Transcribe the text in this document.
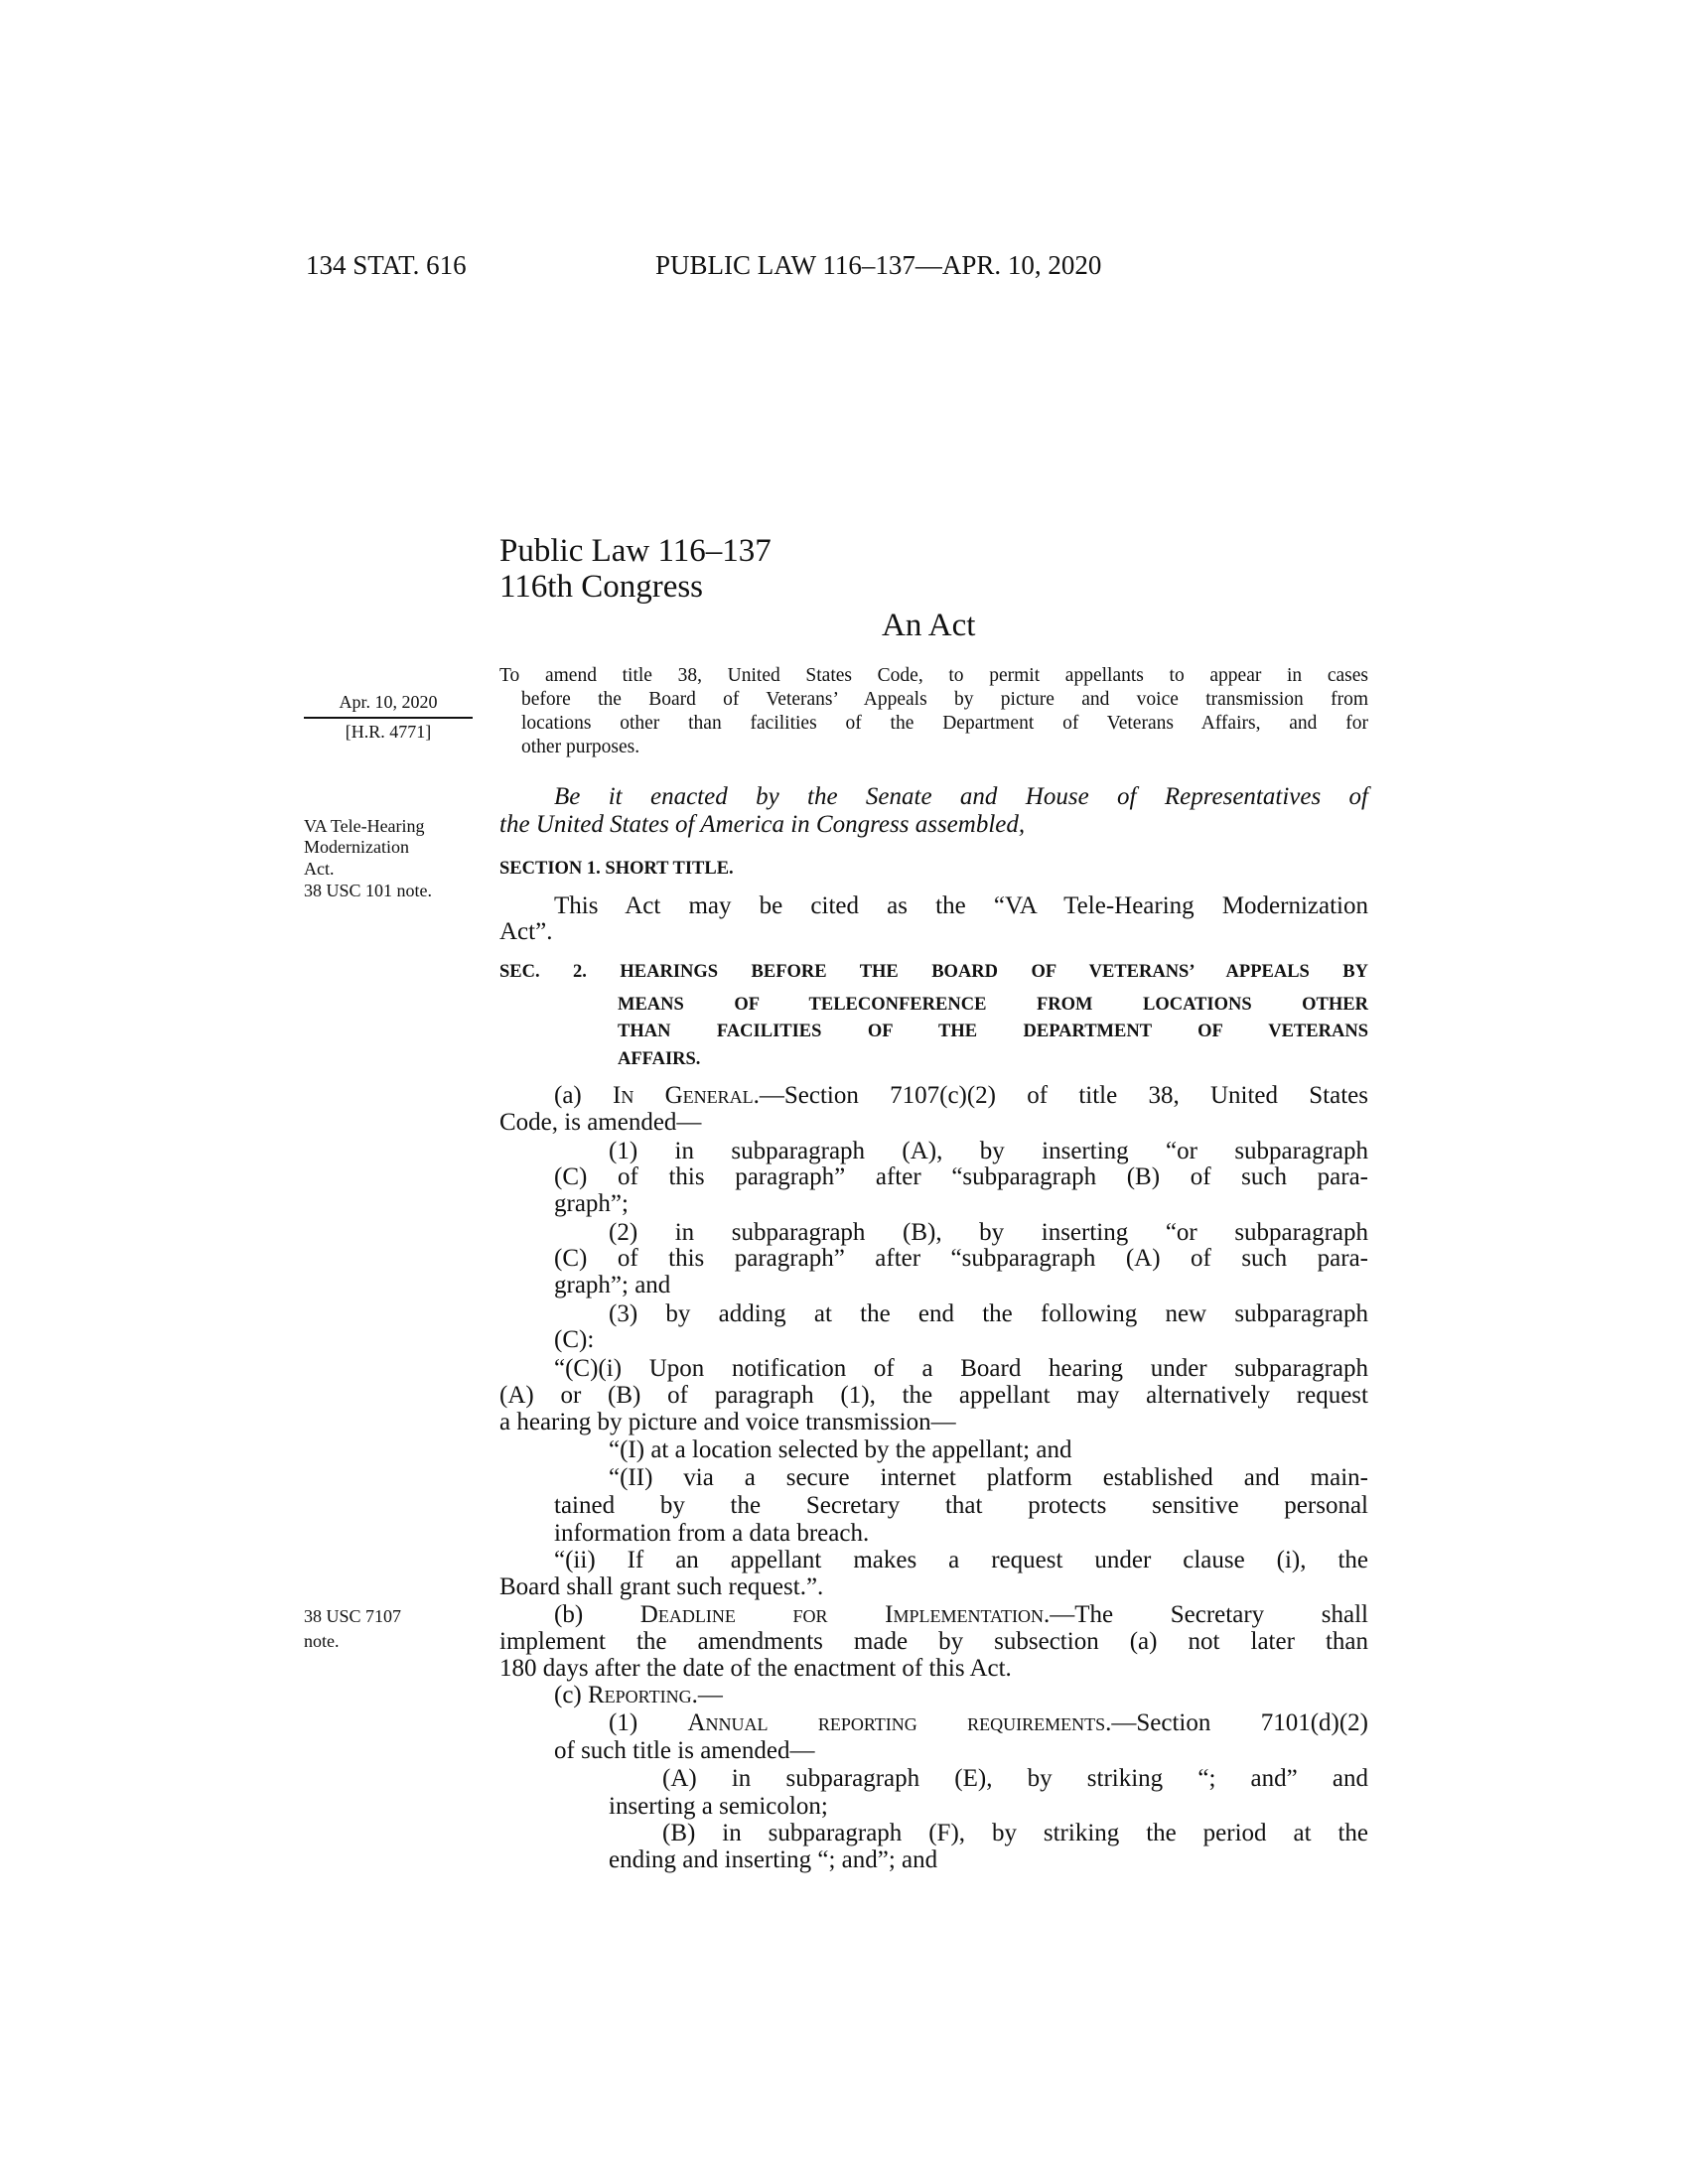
134 STAT. 616	PUBLIC LAW 116–137—APR. 10, 2020
Public Law 116–137
116th Congress
An Act
Apr. 10, 2020
[H.R. 4771]
VA Tele-Hearing
Modernization
Act.
38 USC 101 note.
38 USC 7107
note.
To amend title 38, United States Code, to permit appellants to appear in cases
before the Board of Veterans’ Appeals by picture and voice transmission from
locations other than facilities of the Department of Veterans Affairs, and for
other purposes.
Be it enacted by the Senate and House of Representatives of
the United States of America in Congress assembled,
SECTION 1. SHORT TITLE.
SEC. 2. HEARINGS BEFORE THE BOARD OF VETERANS’ APPEALS BY
MEANS OF TELECONFERENCE FROM LOCATIONS OTHER
THAN FACILITIES OF THE DEPARTMENT OF VETERANS
AFFAIRS.
This Act may be cited as the “VA Tele-Hearing Modernization
Act”.
(a) In General.—Section 7107(c)(2) of title 38, United States
Code, is amended—
(1) in subparagraph (A), by inserting “or subparagraph
(C) of this paragraph” after “subparagraph (B) of such para-
graph”;
(2) in subparagraph (B), by inserting “or subparagraph
(C) of this paragraph” after “subparagraph (A) of such para-
graph”; and
(3) by adding at the end the following new subparagraph
(C):
“(C)(i) Upon notification of a Board hearing under subparagraph
(A) or (B) of paragraph (1), the appellant may alternatively request
a hearing by picture and voice transmission—
“(I) at a location selected by the appellant; and
“(II) via a secure internet platform established and main-
tained by the Secretary that protects sensitive personal
information from a data breach.
“(ii) If an appellant makes a request under clause (i), the
Board shall grant such request.”.
(b) Deadline for Implementation.—The Secretary shall
implement the amendments made by subsection (a) not later than
180 days after the date of the enactment of this Act.
(c) Reporting.—
(1) Annual reporting requirements.—Section 7101(d)(2)
of such title is amended—
(A) in subparagraph (E), by striking “; and” and
inserting a semicolon;
(B) in subparagraph (F), by striking the period at the
ending and inserting “; and”; and
